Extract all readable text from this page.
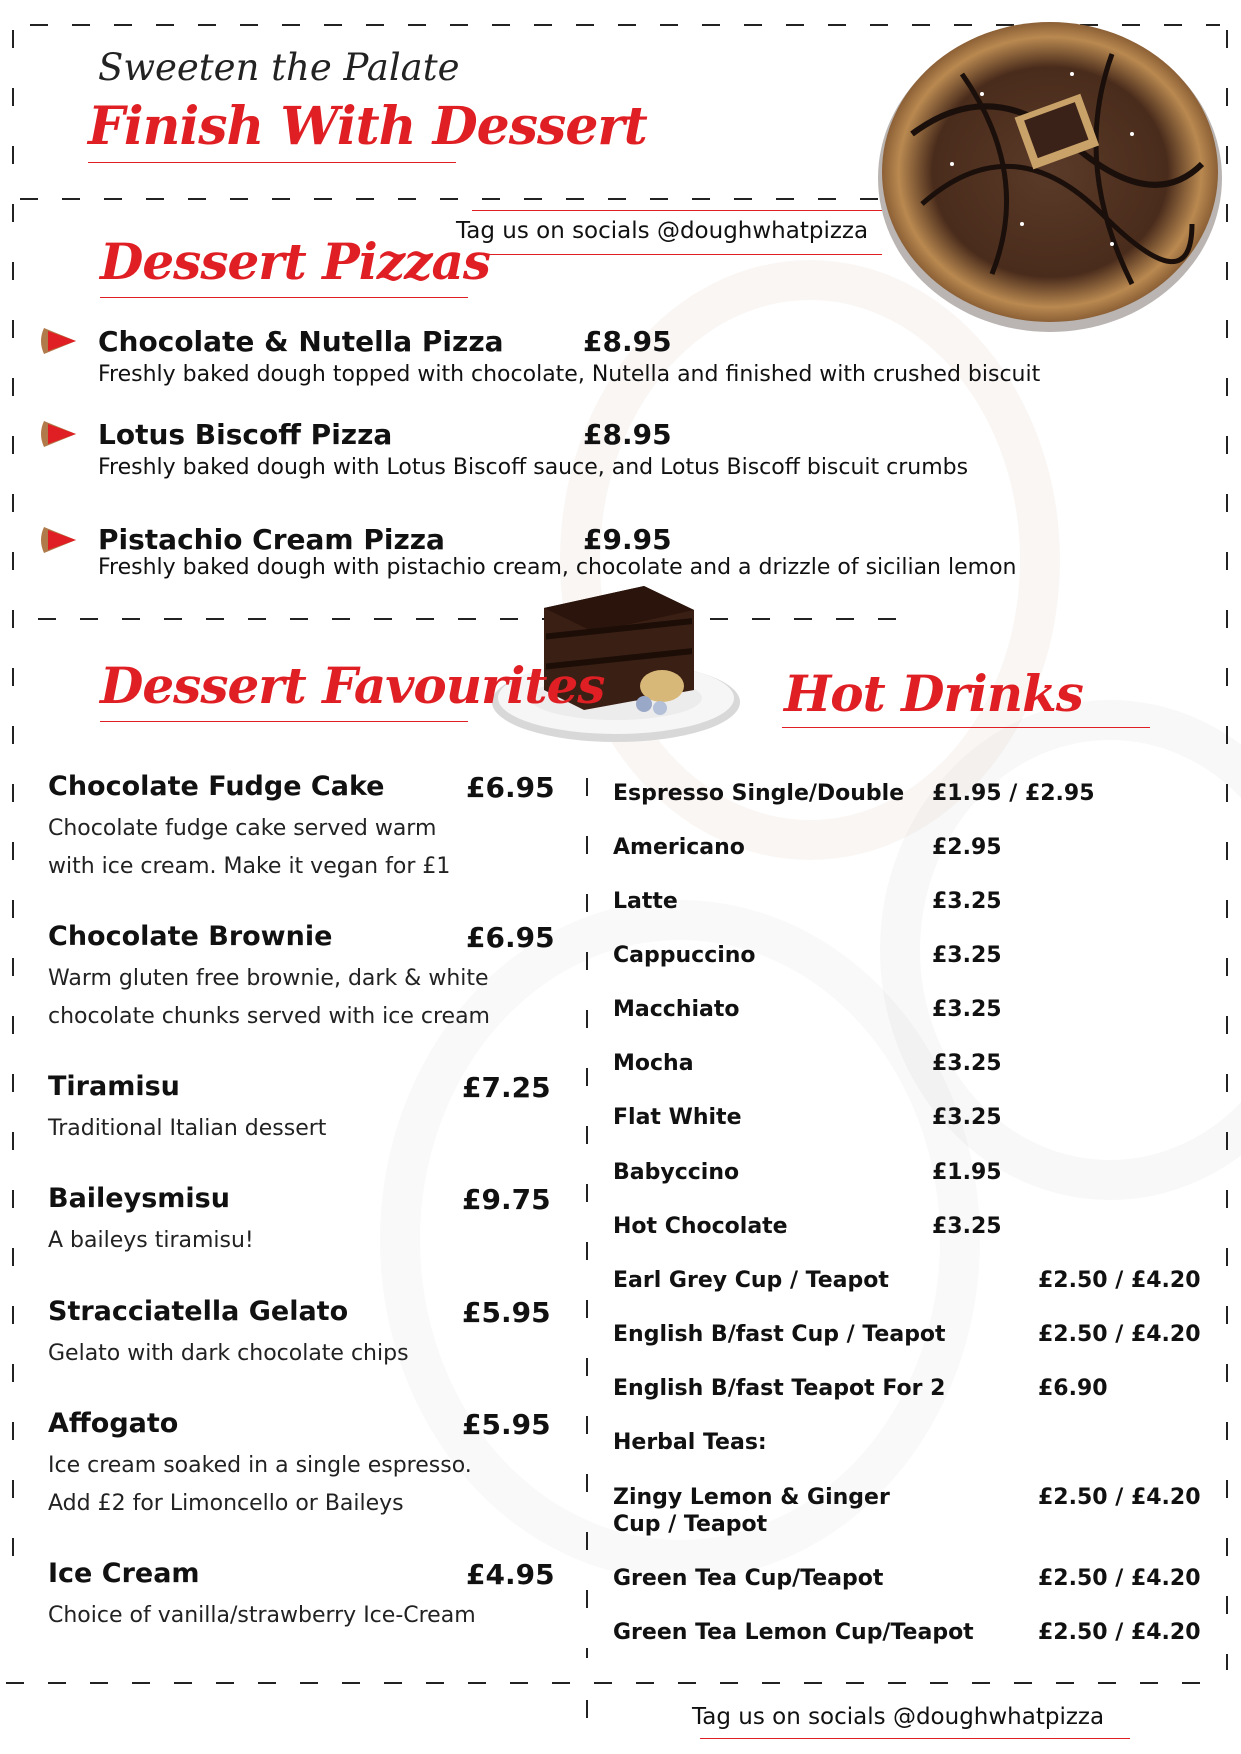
Sweeten the Palate
Finish With Dessert
Tag us on socials @doughwhatpizza
Dessert Pizzas
Chocolate & Nutella Pizza	£8.95
Freshly baked dough topped with chocolate, Nutella and finished with crushed biscuit
Lotus Biscoff Pizza	£8.95
Freshly baked dough with Lotus Biscoff sauce, and Lotus Biscoff biscuit crumbs
Pistachio Cream Pizza	£9.95
Freshly baked dough with pistachio cream, chocolate and a drizzle of sicilian lemon
Dessert Favourites
Chocolate Fudge Cake	£6.95
Chocolate fudge cake served warm
with ice cream. Make it vegan for £1
Chocolate Brownie	£6.95
Warm gluten free brownie, dark & white
chocolate chunks served with ice cream
Tiramisu	£7.25
Traditional Italian dessert
Baileysmisu	£9.75
A baileys tiramisu!
Stracciatella Gelato	£5.95
Gelato with dark chocolate chips
Affogato	£5.95
Ice cream soaked in a single espresso.
Add £2 for Limoncello or Baileys
Ice Cream	£4.95
Choice of vanilla/strawberry Ice-Cream
Hot Drinks
Espresso Single/Double £1.95 / £2.95
Americano	£2.95
Latte	£3.25
Cappuccino	£3.25
Macchiato	£3.25
Mocha	£3.25
Flat White	£3.25
Babyccino	£1.95
Hot Chocolate	£3.25
Earl Grey Cup / Teapot	£2.50 / £4.20
English B/fast Cup / Teapot	£2.50 / £4.20
English B/fast Teapot For 2	£6.90
Herbal Teas:
Zingy Lemon & Ginger
Cup / Teapot
£2.50 / £4.20
Green Tea Cup/Teapot	£2.50 / £4.20
Green Tea Lemon Cup/Teapot	£2.50 / £4.20
Tag us on socials @doughwhatpizza
